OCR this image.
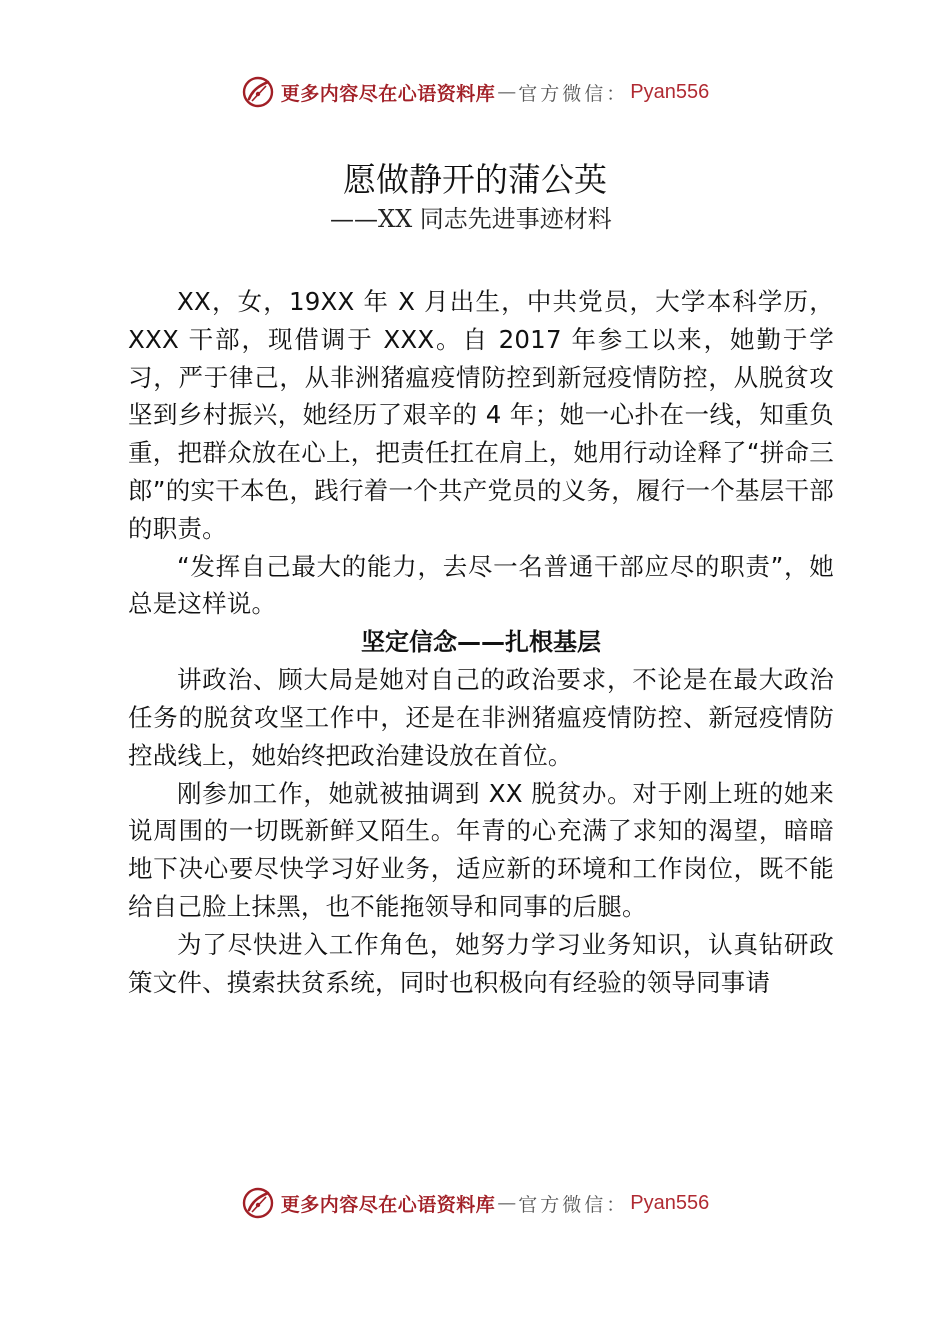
更多内容尽在心语资料库 — 官方微信： Pyan556
愿做静开的蒲公英
——XX 同志先进事迹材料

XX，女，19XX 年 X 月出生，中共党员，大学本科学历，XXX 干部，现借调于 XXX。自 2017 年参工以来，她勤于学习，严于律己，从非洲猪瘟疫情防控到新冠疫情防控，从脱贫攻坚到乡村振兴，她经历了艰辛的 4 年；她一心扑在一线，知重负重，把群众放在心上，把责任扛在肩上，她用行动诠释了“拼命三郎”的实干本色，践行着一个共产党员的义务，履行一个基层干部的职责。

“发挥自己最大的能力，去尽一名普通干部应尽的职责”，她总是这样说。

坚定信念——扎根基层

讲政治、顾大局是她对自己的政治要求，不论是在最大政治任务的脱贫攻坚工作中，还是在非洲猪瘟疫情防控、新冠疫情防控战线上，她始终把政治建设放在首位。

刚参加工作，她就被抽调到 XX 脱贫办。对于刚上班的她来说周围的一切既新鲜又陌生。年青的心充满了求知的渴望，暗暗地下决心要尽快学习好业务，适应新的环境和工作岗位，既不能给自己脸上抹黑，也不能拖领导和同事的后腿。

为了尽快进入工作角色，她努力学习业务知识，认真钻研政策文件、摸索扶贫系统，同时也积极向有经验的领导同事请

更多内容尽在心语资料库 — 官方微信： Pyan556
